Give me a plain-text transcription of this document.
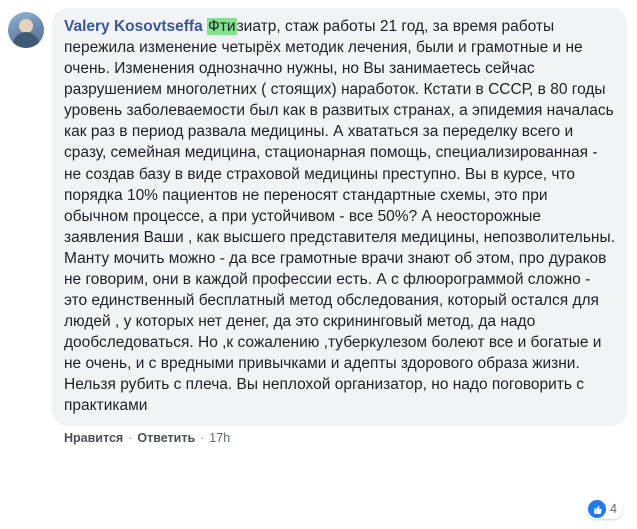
Valery Kosovtseffa Фтизиатр, стаж работы 21 год, за время работы пережила изменение четырёх методик лечения, были и грамотные и не очень. Изменения однозначно нужны, но Вы занимаетесь сейчас разрушением многолетних ( стоящих) наработок. Кстати в СССР, в 80 годы уровень заболеваемости был как в развитых странах, а эпидемия началась как раз в период развала медицины. А хвататься за переделку всего и сразу, семейная медицина, стационарная помощь, специализированная - не создав базу в виде страховой медицины преступно. Вы в курсе, что порядка 10% пациентов не переносят стандартные схемы, это при обычном процессе, а при устойчивом - все 50%? А неосторожные заявления Ваши , как высшего представителя медицины, непозволительны. Манту мочить можно - да все грамотные врачи знают об этом, про дураков не говорим, они в каждой профессии есть. А с флюорограммой сложно - это единственный бесплатный метод обследования, который остался для людей , у которых нет денег, да это скрининговый метод, да надо дообследоваться. Но ,к сожалению ,туберкулезом болеют все и богатые и не очень, и с вредными привычками и адепты здорового образа жизни. Нельзя рубить с плеча. Вы неплохой организатор, но надо поговорить с практиками
Нравится · Ответить · 17h
4
